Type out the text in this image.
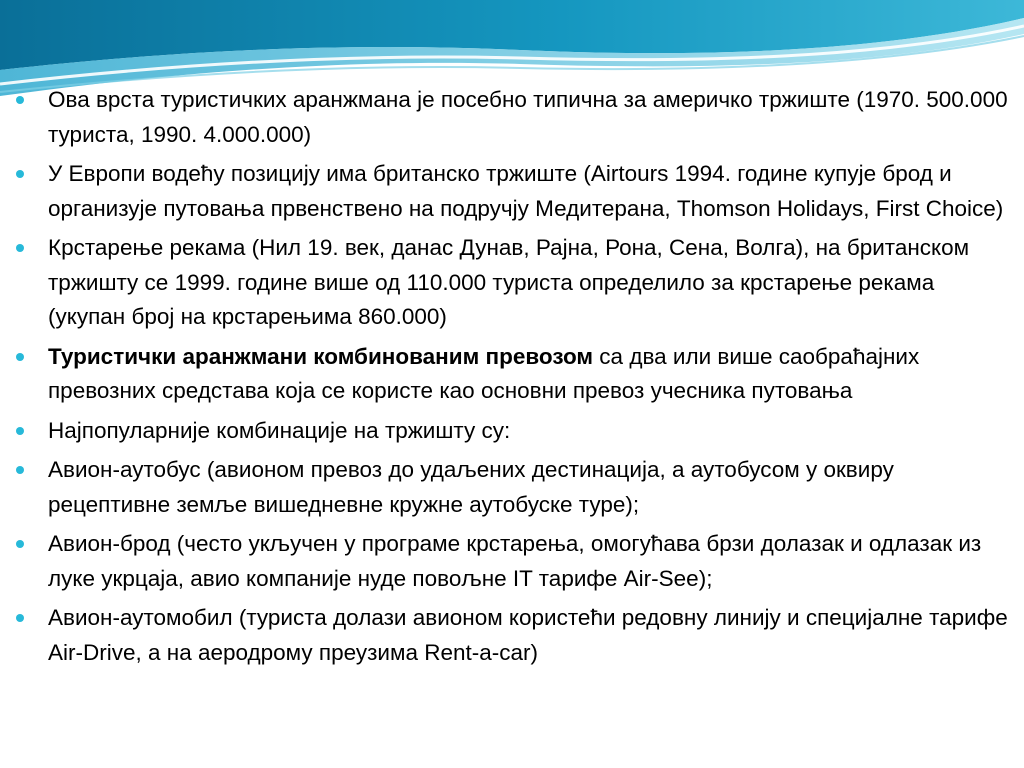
Ова врста туристичких аранжмана је посебно типична за америчко тржиште (1970. 500.000 туриста, 1990. 4.000.000)
У Европи водећу позицију има британско тржиште (Airtours 1994. године купује брод и организује путовања првенствено на подручју Медитерана, Thomson Holidays, First Choice)
Крстарење рекама (Нил 19. век, данас Дунав, Рајна, Рона, Сена, Волга), на британском тржишту се 1999. године више од 110.000 туриста определило за крстарење рекама (укупан број на крстарењима 860.000)
Туристички аранжмани комбинованим превозом са два или више саобраћајних превозних средстава која се користе као основни превоз учесника путовања
Најпопуларније комбинације на тржишту су:
Авион-аутобус (авионом превоз до удаљених дестинација, а аутобусом у оквиру рецептивне земље вишедневне кружне аутобуске туре);
Авион-брод (често укључен у програме крстарења, омогућава брзи долазак и одлазак из луке укрцаја, авио компаније нуде повољне IT тарифе Air-See);
Авион-аутомобил (туриста долази авионом користећи редовну линију и специјалне тарифе Air-Drive, а на аеродрому преузима Rent-a-car)
